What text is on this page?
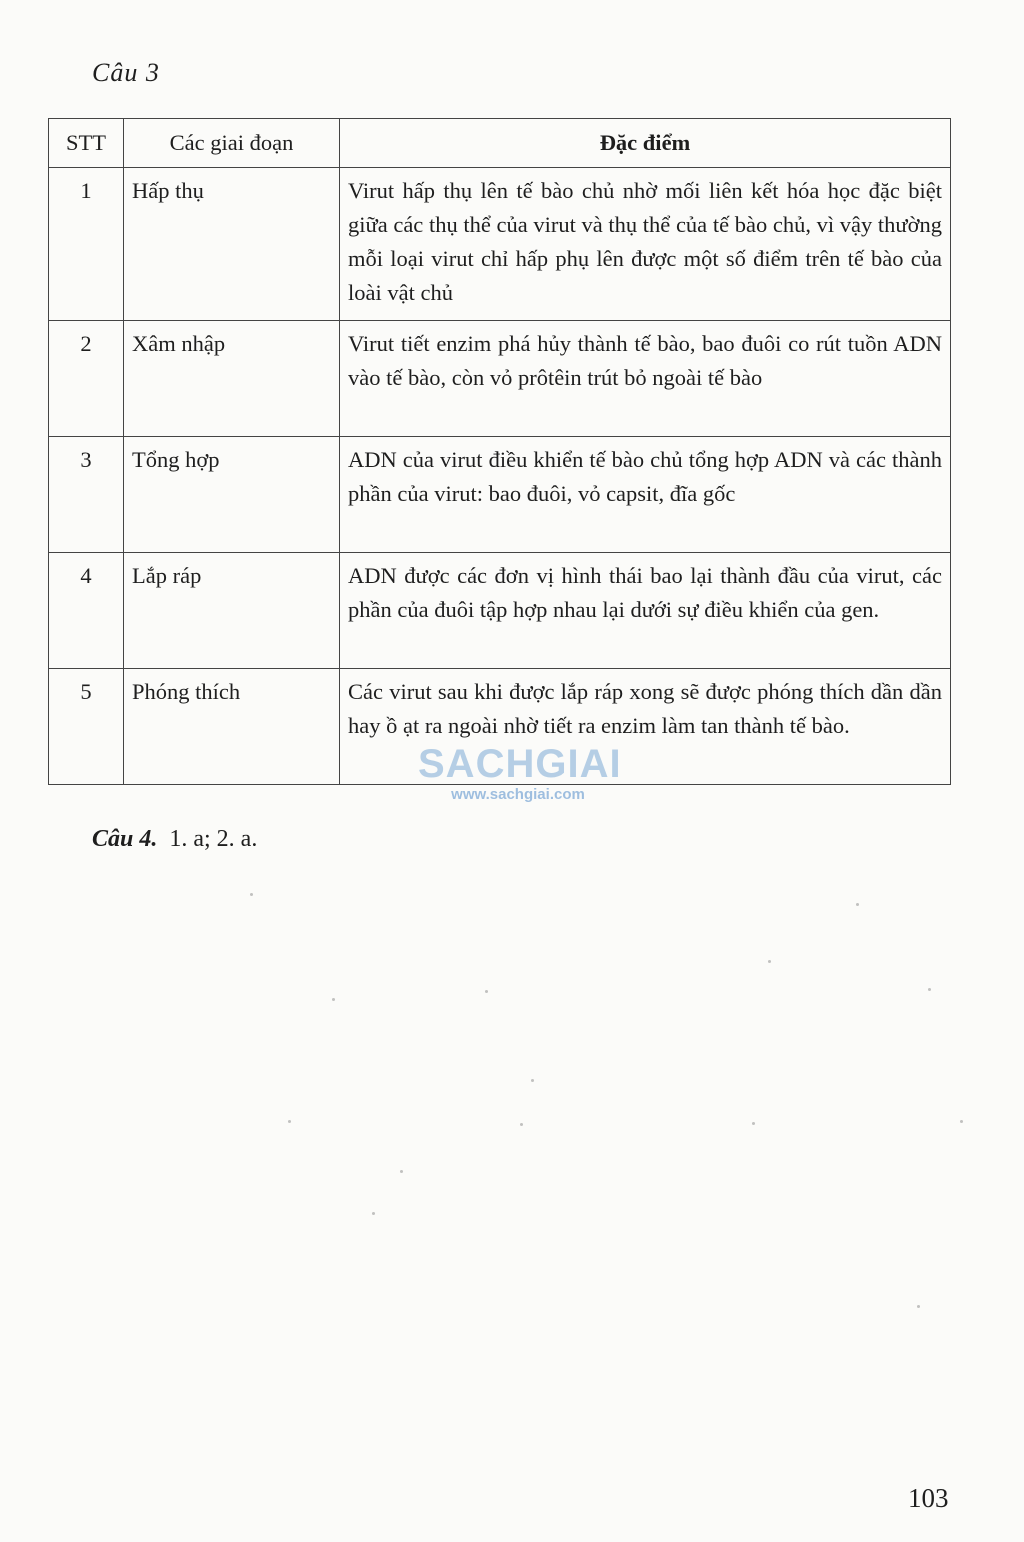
Câu 3
STT	Các giai đoạn	Đặc điểm
1	Hấp thụ	Virut hấp thụ lên tế bào chủ nhờ mối liên kết hóa học đặc biệt giữa các thụ thể của virut và thụ thể của tế bào chủ, vì vậy thường mỗi loại virut chỉ hấp phụ lên được một số điểm trên tế bào của loài vật chủ
2	Xâm nhập	Virut tiết enzim phá hủy thành tế bào, bao đuôi co rút tuồn ADN vào tế bào, còn vỏ prôtêin trút bỏ ngoài tế bào
3	Tổng hợp	ADN của virut điều khiển tế bào chủ tổng hợp ADN và các thành phần của virut: bao đuôi, vỏ capsit, đĩa gốc
4	Lắp ráp	ADN được các đơn vị hình thái bao lại thành đầu của virut, các phần của đuôi tập hợp nhau lại dưới sự điều khiển của gen.
5	Phóng thích	Các virut sau khi được lắp ráp xong sẽ được phóng thích dần dần hay ồ ạt ra ngoài nhờ tiết ra enzim làm tan thành tế bào.
SACHGIAI
www.sachgiai.com
Câu 4. 1. a; 2. a.
103
